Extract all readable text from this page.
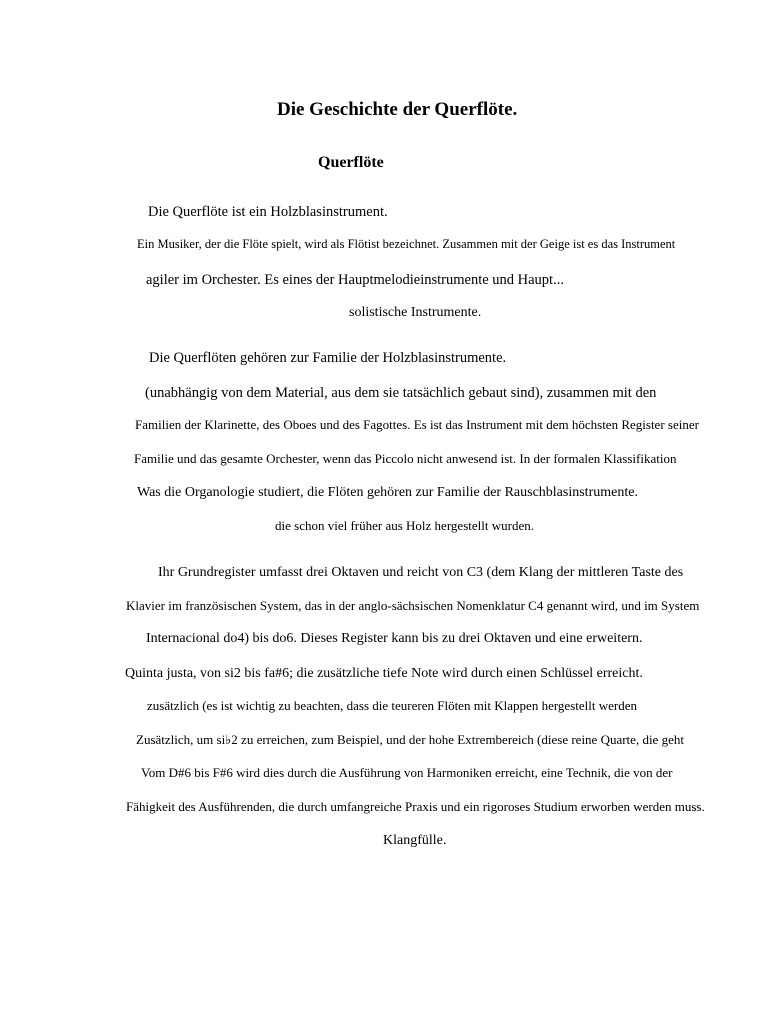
Die Geschichte der Querflöte.
Querflöte
Die Querflöte ist ein Holzblasinstrument.
Ein Musiker, der die Flöte spielt, wird als Flötist bezeichnet. Zusammen mit der Geige ist es das Instrument
agiler im Orchester. Es eines der Hauptmelodieinstrumente und Haupt...
solistische Instrumente.
Die Querflöten gehören zur Familie der Holzblasinstrumente.
(unabhängig von dem Material, aus dem sie tatsächlich gebaut sind), zusammen mit den
Familien der Klarinette, des Oboes und des Fagottes. Es ist das Instrument mit dem höchsten Register seiner
Familie und das gesamte Orchester, wenn das Piccolo nicht anwesend ist. In der formalen Klassifikation
Was die Organologie studiert, die Flöten gehören zur Familie der Rauschblasinstrumente.
die schon viel früher aus Holz hergestellt wurden.
Ihr Grundregister umfasst drei Oktaven und reicht von C3 (dem Klang der mittleren Taste des
Klavier im französischen System, das in der anglo-sächsischen Nomenklatur C4 genannt wird, und im System
Internacional do4) bis do6. Dieses Register kann bis zu drei Oktaven und eine erweitern.
Quinta justa, von si2 bis fa#6; die zusätzliche tiefe Note wird durch einen Schlüssel erreicht.
zusätzlich (es ist wichtig zu beachten, dass die teureren Flöten mit Klappen hergestellt werden
Zusätzlich, um si♭2 zu erreichen, zum Beispiel, und der hohe Extrembereich (diese reine Quarte, die geht
Vom D#6 bis F#6 wird dies durch die Ausführung von Harmoniken erreicht, eine Technik, die von der
Fähigkeit des Ausführenden, die durch umfangreiche Praxis und ein rigoroses Studium erworben werden muss.
Klangfülle.
